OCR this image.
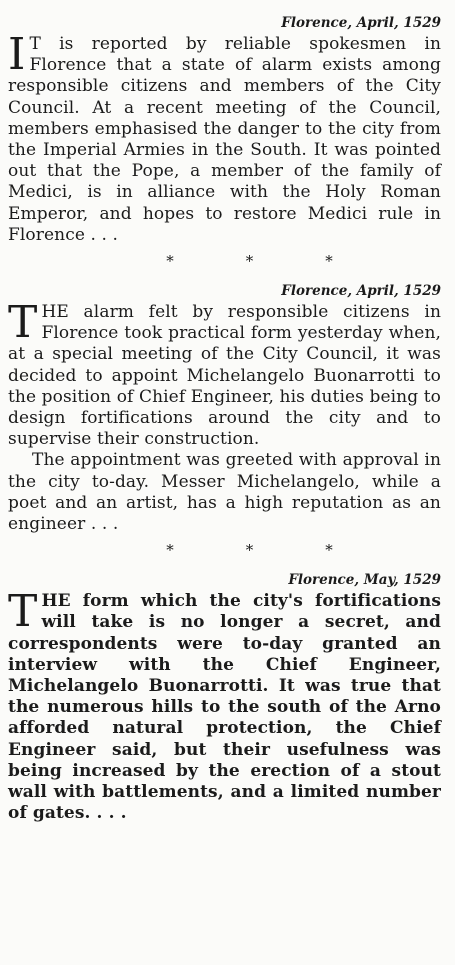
Florence, April, 1529

I T is reported by reliable spokesmen in Florence that a state of alarm exists among responsible citizens and members of the City Council. At a recent meeting of the Council, members emphasised the danger to the city from the Imperial Armies in the South. It was pointed out that the Pope, a member of the family of Medici, is in alliance with the Holy Roman Emperor, and hopes to restore Medici rule in Florence . . .

*	*	*
Florence, April, 1529

THE alarm felt by responsible citizens in Florence took practical form yesterday when, at a special meeting of the City Council, it was decided to appoint Michelangelo Buonarrotti to the position of Chief Engineer, his duties being to design fortifications around the city and to supervise their construction.

The appointment was greeted with approval in the city to-day. Messer Michelangelo, while a poet and an artist, has a high reputation as an engineer . . .

*	*	*
Florence, May, 1529

THE form which the city's fortifications will take is no longer a secret, and correspondents were to-day granted an interview with the Chief Engineer, Michelangelo Buonarrotti. It was true that the numerous hills to the south of the Arno afforded natural protection, the Chief Engineer said, but their usefulness was being increased by the erection of a stout wall with battlements, and a limited number of gates. . . .
